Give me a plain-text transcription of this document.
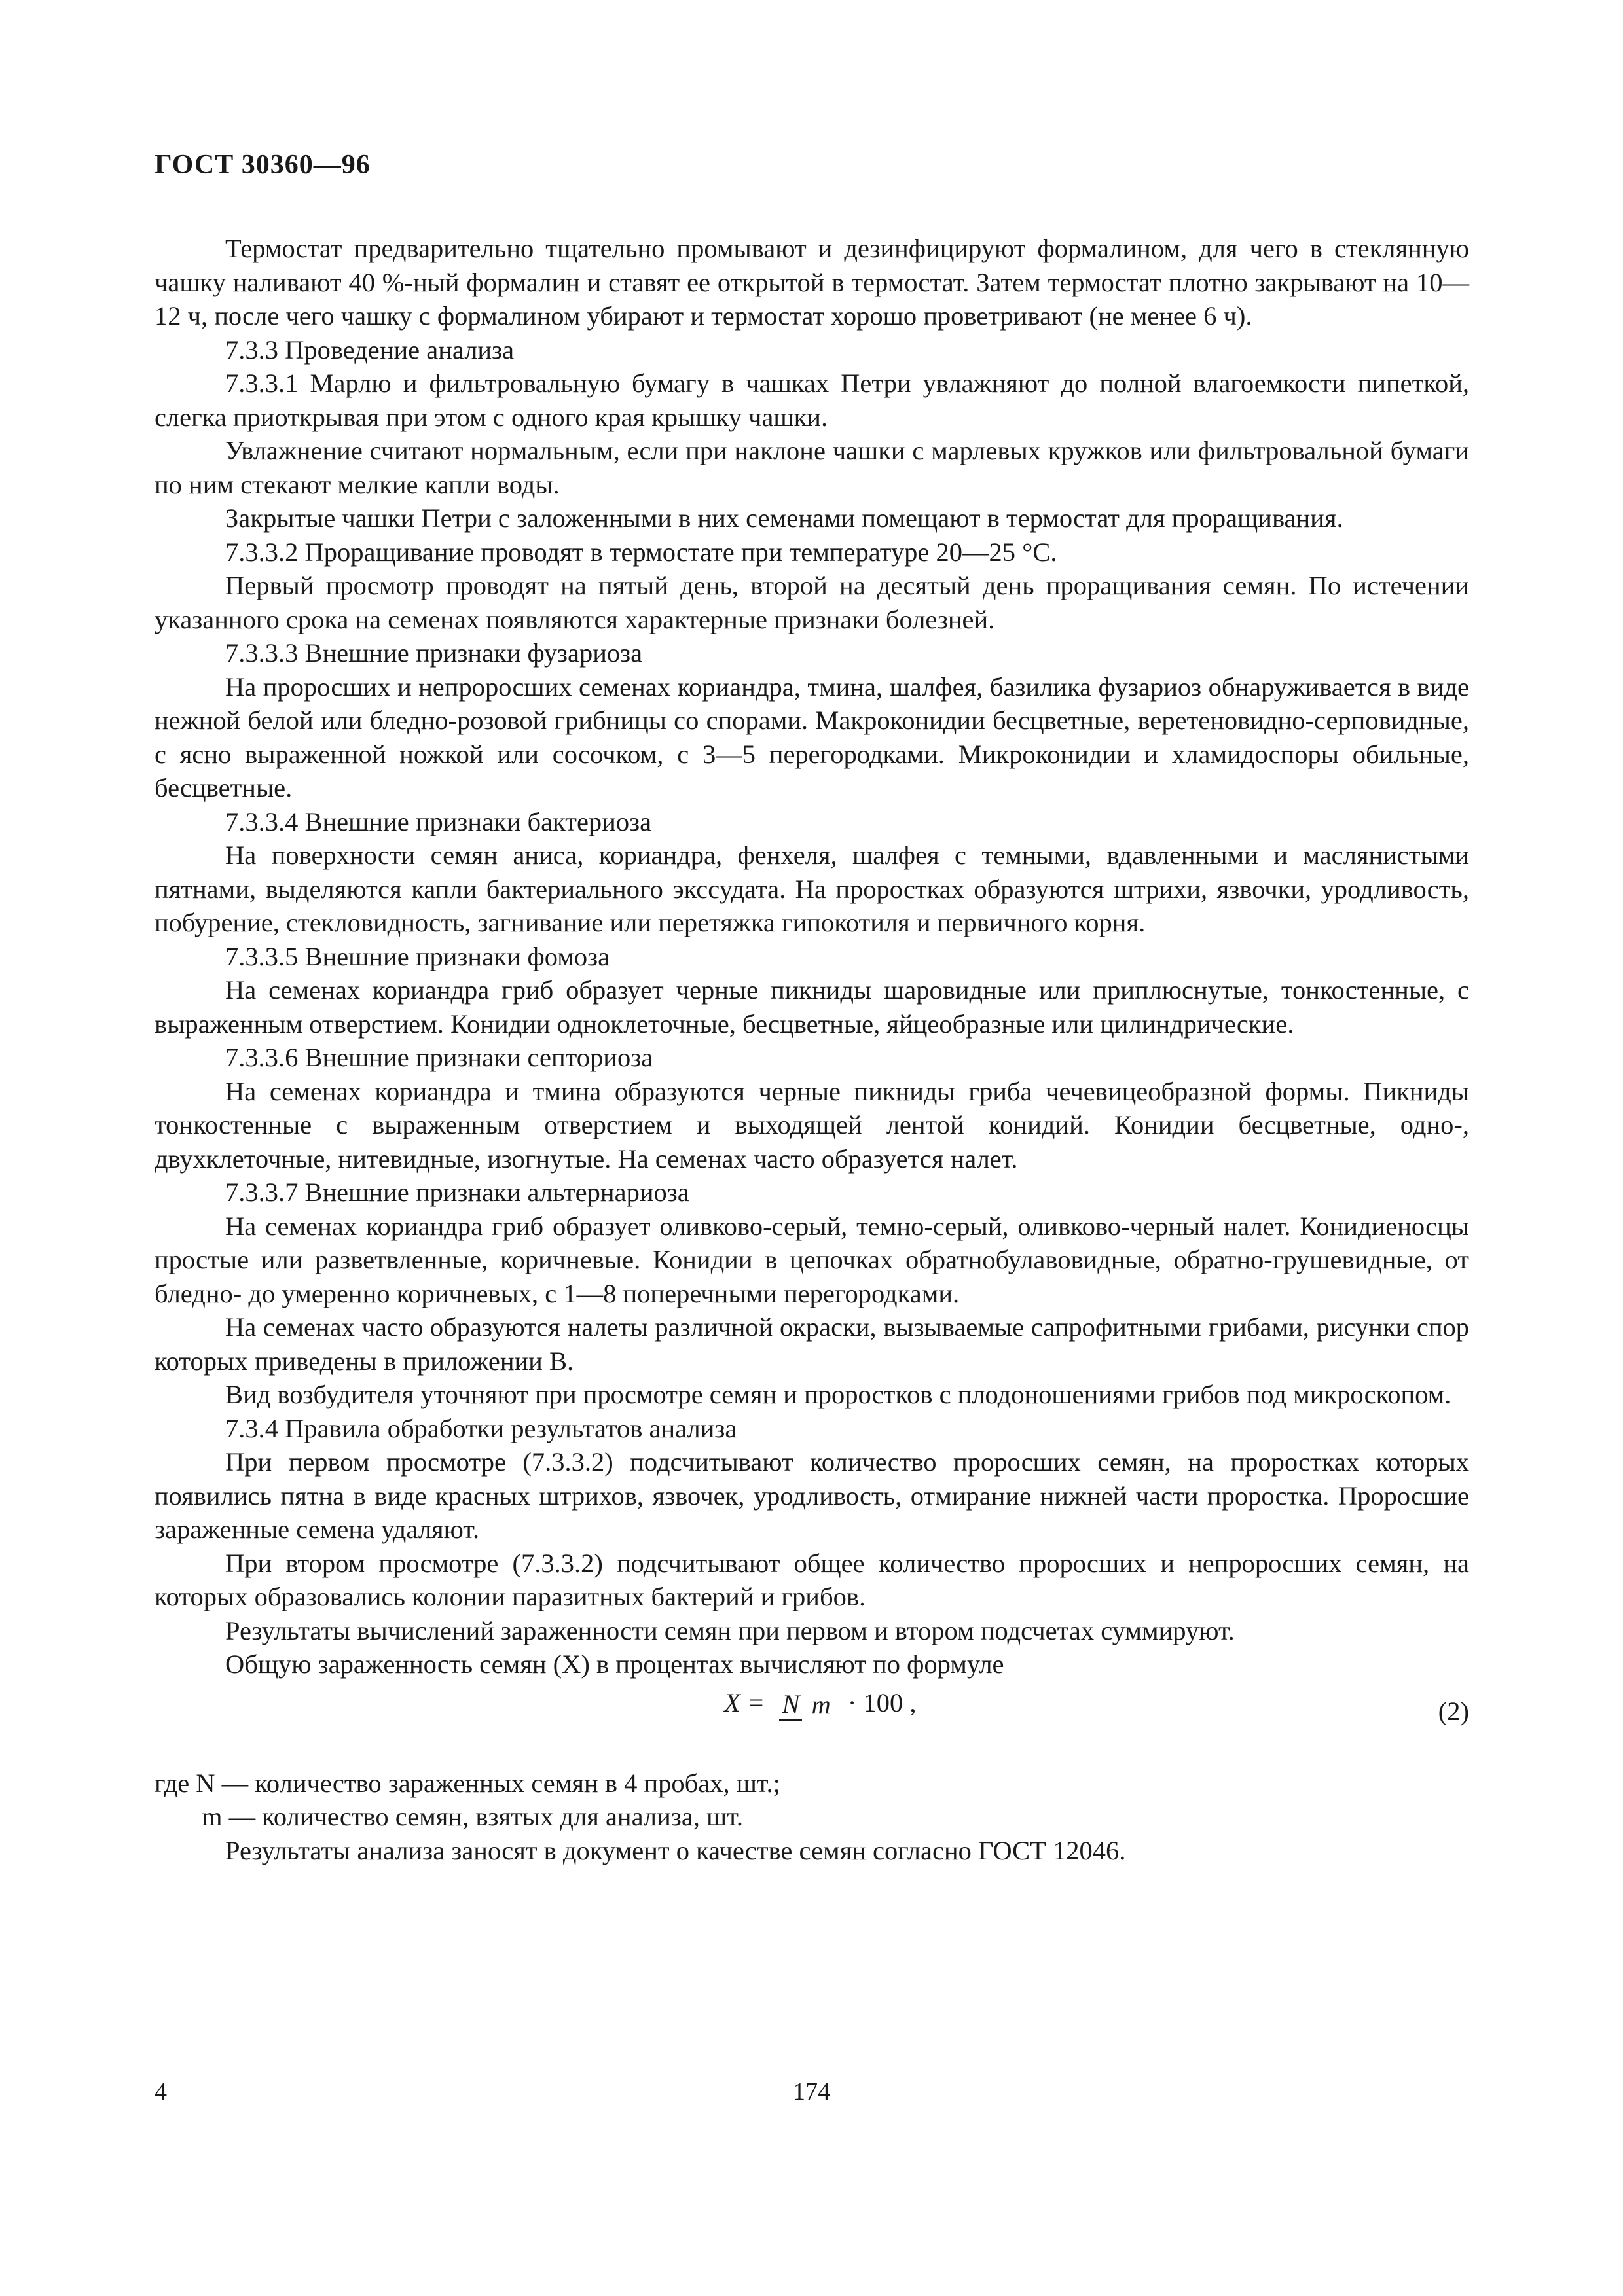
ГОСТ 30360—96

Термостат предварительно тщательно промывают и дезинфицируют формалином, для чего в стеклянную чашку наливают 40 %-ный формалин и ставят ее открытой в термостат. Затем термостат плотно закрывают на 10—12 ч, после чего чашку с формалином убирают и термостат хорошо проветривают (не менее 6 ч).

7.3.3 Проведение анализа

7.3.3.1 Марлю и фильтровальную бумагу в чашках Петри увлажняют до полной влагоемкости пипеткой, слегка приоткрывая при этом с одного края крышку чашки.

Увлажнение считают нормальным, если при наклоне чашки с марлевых кружков или фильтровальной бумаги по ним стекают мелкие капли воды.

Закрытые чашки Петри с заложенными в них семенами помещают в термостат для проращивания.

7.3.3.2 Проращивание проводят в термостате при температуре 20—25 °С.

Первый просмотр проводят на пятый день, второй на десятый день проращивания семян. По истечении указанного срока на семенах появляются характерные признаки болезней.

7.3.3.3 Внешние признаки фузариоза

На проросших и непроросших семенах кориандра, тмина, шалфея, базилика фузариоз обнаруживается в виде нежной белой или бледно-розовой грибницы со спорами. Макроконидии бесцветные, веретеновидно-серповидные, с ясно выраженной ножкой или сосочком, с 3—5 перегородками. Микроконидии и хламидоспоры обильные, бесцветные.

7.3.3.4 Внешние признаки бактериоза

На поверхности семян аниса, кориандра, фенхеля, шалфея с темными, вдавленными и маслянистыми пятнами, выделяются капли бактериального экссудата. На проростках образуются штрихи, язвочки, уродливость, побурение, стекловидность, загнивание или перетяжка гипокотиля и первичного корня.

7.3.3.5 Внешние признаки фомоза

На семенах кориандра гриб образует черные пикниды шаровидные или приплюснутые, тонкостенные, с выраженным отверстием. Конидии одноклеточные, бесцветные, яйцеобразные или цилиндрические.

7.3.3.6 Внешние признаки септориоза

На семенах кориандра и тмина образуются черные пикниды гриба чечевицеобразной формы. Пикниды тонкостенные с выраженным отверстием и выходящей лентой конидий. Конидии бесцветные, одно-, двухклеточные, нитевидные, изогнутые. На семенах часто образуется налет.

7.3.3.7 Внешние признаки альтернариоза

На семенах кориандра гриб образует оливково-серый, темно-серый, оливково-черный налет. Конидиеносцы простые или разветвленные, коричневые. Конидии в цепочках обратнобулавовидные, обратно-грушевидные, от бледно- до умеренно коричневых, с 1—8 поперечными перегородками.

На семенах часто образуются налеты различной окраски, вызываемые сапрофитными грибами, рисунки спор которых приведены в приложении В.

Вид возбудителя уточняют при просмотре семян и проростков с плодоношениями грибов под микроскопом.

7.3.4 Правила обработки результатов анализа

При первом просмотре (7.3.3.2) подсчитывают количество проросших семян, на проростках которых появились пятна в виде красных штрихов, язвочек, уродливость, отмирание нижней части проростка. Проросшие зараженные семена удаляют.

При втором просмотре (7.3.3.2) подсчитывают общее количество проросших и непроросших семян, на которых образовались колонии паразитных бактерий и грибов.

Результаты вычислений зараженности семян при первом и втором подсчетах суммируют.

Общую зараженность семян (X) в процентах вычисляют по формуле

X = N m · 100 ,	(2)

где N — количество зараженных семян в 4 пробах, шт.;

m — количество семян, взятых для анализа, шт.

Результаты анализа заносят в документ о качестве семян согласно ГОСТ 12046.

4	174
